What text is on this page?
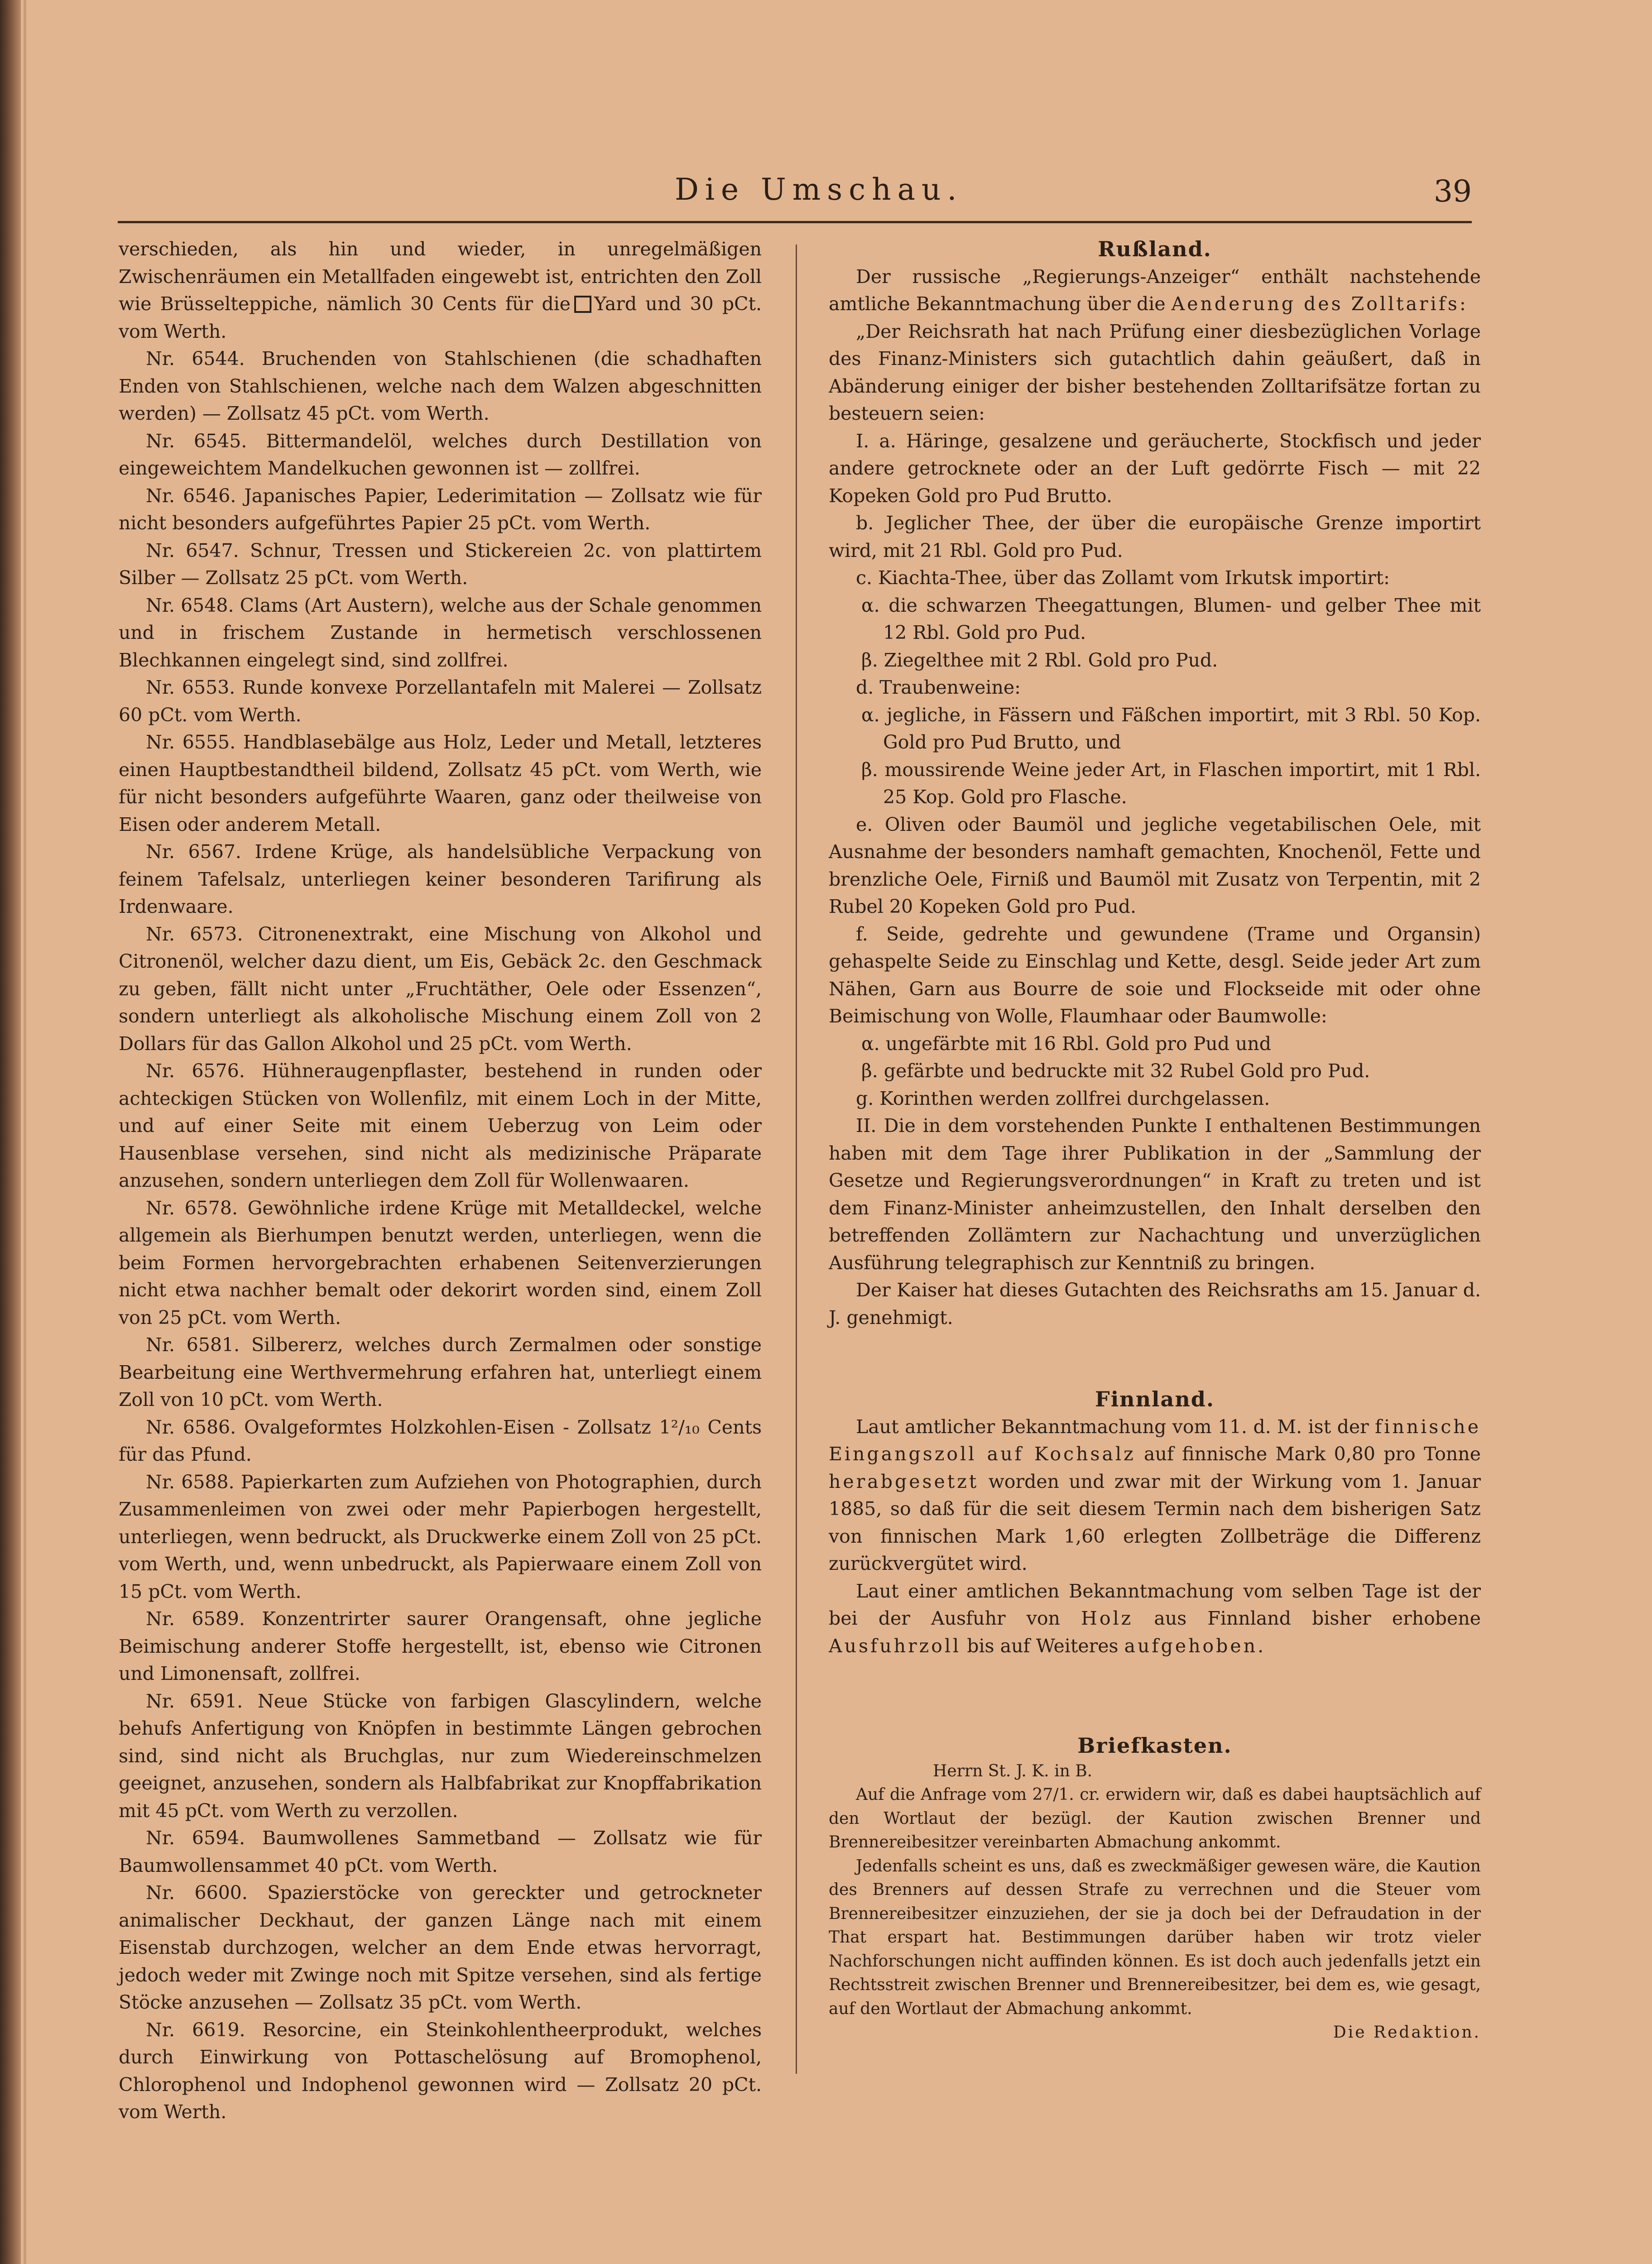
Die Umschau.	39

verschieden, als hin und wieder, in unregelmäßigen Zwischenräumen ein Metallfaden eingewebt ist, entrichten den Zoll wie Brüsselteppiche, nämlich 30 Cents für die Yard und 30 pCt. vom Werth.

Nr. 6544. Bruchenden von Stahlschienen (die schadhaften Enden von Stahlschienen, welche nach dem Walzen abgeschnitten werden) — Zollsatz 45 pCt. vom Werth.

Nr. 6545. Bittermandelöl, welches durch Destillation von eingeweichtem Mandelkuchen gewonnen ist — zollfrei.

Nr. 6546. Japanisches Papier, Lederimitation — Zollsatz wie für nicht besonders aufgeführtes Papier 25 pCt. vom Werth.

Nr. 6547. Schnur, Tressen und Stickereien 2c. von plattirtem Silber — Zollsatz 25 pCt. vom Werth.

Nr. 6548. Clams (Art Austern), welche aus der Schale genommen und in frischem Zustande in hermetisch verschlossenen Blechkannen eingelegt sind, sind zollfrei.

Nr. 6553. Runde konvexe Porzellantafeln mit Malerei — Zollsatz 60 pCt. vom Werth.

Nr. 6555. Handblasebälge aus Holz, Leder und Metall, letzteres einen Hauptbestandtheil bildend, Zollsatz 45 pCt. vom Werth, wie für nicht besonders aufgeführte Waaren, ganz oder theilweise von Eisen oder anderem Metall.

Nr. 6567. Irdene Krüge, als handelsübliche Verpackung von feinem Tafelsalz, unterliegen keiner besonderen Tarifirung als Irdenwaare.

Nr. 6573. Citronenextrakt, eine Mischung von Alkohol und Citronenöl, welcher dazu dient, um Eis, Gebäck 2c. den Geschmack zu geben, fällt nicht unter „Fruchtäther, Oele oder Essenzen“, sondern unterliegt als alkoholische Mischung einem Zoll von 2 Dollars für das Gallon Alkohol und 25 pCt. vom Werth.

Nr. 6576. Hühneraugenpflaster, bestehend in runden oder achteckigen Stücken von Wollenfilz, mit einem Loch in der Mitte, und auf einer Seite mit einem Ueberzug von Leim oder Hausenblase versehen, sind nicht als medizinische Präparate anzusehen, sondern unterliegen dem Zoll für Wollenwaaren.

Nr. 6578. Gewöhnliche irdene Krüge mit Metalldeckel, welche allgemein als Bierhumpen benutzt werden, unterliegen, wenn die beim Formen hervorgebrachten erhabenen Seitenverzierungen nicht etwa nachher bemalt oder dekorirt worden sind, einem Zoll von 25 pCt. vom Werth.

Nr. 6581. Silbererz, welches durch Zermalmen oder sonstige Bearbeitung eine Werthvermehrung erfahren hat, unterliegt einem Zoll von 10 pCt. vom Werth.

Nr. 6586. Ovalgeformtes Holzkohlen-Eisen - Zollsatz 1²/₁₀ Cents für das Pfund.

Nr. 6588. Papierkarten zum Aufziehen von Photographien, durch Zusammenleimen von zwei oder mehr Papierbogen hergestellt, unterliegen, wenn bedruckt, als Druckwerke einem Zoll von 25 pCt. vom Werth, und, wenn unbedruckt, als Papierwaare einem Zoll von 15 pCt. vom Werth.

Nr. 6589. Konzentrirter saurer Orangensaft, ohne jegliche Beimischung anderer Stoffe hergestellt, ist, ebenso wie Citronen und Limonensaft, zollfrei.

Nr. 6591. Neue Stücke von farbigen Glascylindern, welche behufs Anfertigung von Knöpfen in bestimmte Längen gebrochen sind, sind nicht als Bruchglas, nur zum Wiedereinschmelzen geeignet, anzusehen, sondern als Halbfabrikat zur Knopffabrikation mit 45 pCt. vom Werth zu verzollen.

Nr. 6594. Baumwollenes Sammetband — Zollsatz wie für Baumwollensammet 40 pCt. vom Werth.

Nr. 6600. Spazierstöcke von gereckter und getrockneter animalischer Deckhaut, der ganzen Länge nach mit einem Eisenstab durchzogen, welcher an dem Ende etwas hervorragt, jedoch weder mit Zwinge noch mit Spitze versehen, sind als fertige Stöcke anzusehen — Zollsatz 35 pCt. vom Werth.

Nr. 6619. Resorcine, ein Steinkohlentheerprodukt, welches durch Einwirkung von Pottaschelösung auf Bromophenol, Chlorophenol und Indophenol gewonnen wird — Zollsatz 20 pCt. vom Werth.

Rußland.

Der russische „Regierungs-Anzeiger“ enthält nachstehende amtliche Bekanntmachung über die Aenderung des Zolltarifs:

„Der Reichsrath hat nach Prüfung einer diesbezüglichen Vorlage des Finanz-Ministers sich gutachtlich dahin geäußert, daß in Abänderung einiger der bisher bestehenden Zolltarifsätze fortan zu besteuern seien:

I. a. Häringe, gesalzene und geräucherte, Stockfisch und jeder andere getrocknete oder an der Luft gedörrte Fisch — mit 22 Kopeken Gold pro Pud Brutto.

b. Jeglicher Thee, der über die europäische Grenze importirt wird, mit 21 Rbl. Gold pro Pud.

c. Kiachta-Thee, über das Zollamt vom Irkutsk importirt:

α. die schwarzen Theegattungen, Blumen- und gelber Thee mit 12 Rbl. Gold pro Pud.

β. Ziegelthee mit 2 Rbl. Gold pro Pud.

d. Traubenweine:

α. jegliche, in Fässern und Fäßchen importirt, mit 3 Rbl. 50 Kop. Gold pro Pud Brutto, und

β. moussirende Weine jeder Art, in Flaschen importirt, mit 1 Rbl. 25 Kop. Gold pro Flasche.

e. Oliven oder Baumöl und jegliche vegetabilischen Oele, mit Ausnahme der besonders namhaft gemachten, Knochenöl, Fette und brenzliche Oele, Firniß und Baumöl mit Zusatz von Terpentin, mit 2 Rubel 20 Kopeken Gold pro Pud.

f. Seide, gedrehte und gewundene (Trame und Organsin) gehaspelte Seide zu Einschlag und Kette, desgl. Seide jeder Art zum Nähen, Garn aus Bourre de soie und Flockseide mit oder ohne Beimischung von Wolle, Flaumhaar oder Baumwolle:

α. ungefärbte mit 16 Rbl. Gold pro Pud und

β. gefärbte und bedruckte mit 32 Rubel Gold pro Pud.

g. Korinthen werden zollfrei durchgelassen.

II. Die in dem vorstehenden Punkte I enthaltenen Bestimmungen haben mit dem Tage ihrer Publikation in der „Sammlung der Gesetze und Regierungsverordnungen“ in Kraft zu treten und ist dem Finanz-Minister anheimzustellen, den Inhalt derselben den betreffenden Zollämtern zur Nachachtung und unverzüglichen Ausführung telegraphisch zur Kenntniß zu bringen.

Der Kaiser hat dieses Gutachten des Reichsraths am 15. Januar d. J. genehmigt.

Finnland.

Laut amtlicher Bekanntmachung vom 11. d. M. ist der finnische Eingangszoll auf Kochsalz auf finnische Mark 0,80 pro Tonne herabgesetzt worden und zwar mit der Wirkung vom 1. Januar 1885, so daß für die seit diesem Termin nach dem bisherigen Satz von finnischen Mark 1,60 erlegten Zollbeträge die Differenz zurückvergütet wird.

Laut einer amtlichen Bekanntmachung vom selben Tage ist der bei der Ausfuhr von Holz aus Finnland bisher erhobene Ausfuhrzoll bis auf Weiteres aufgehoben.

Briefkasten.

Herrn St. J. K. in B.

Auf die Anfrage vom 27/1. cr. erwidern wir, daß es dabei hauptsächlich auf den Wortlaut der bezügl. der Kaution zwischen Brenner und Brennereibesitzer vereinbarten Abmachung ankommt.

Jedenfalls scheint es uns, daß es zweckmäßiger gewesen wäre, die Kaution des Brenners auf dessen Strafe zu verrechnen und die Steuer vom Brennereibesitzer einzuziehen, der sie ja doch bei der Defraudation in der That erspart hat. Bestimmungen darüber haben wir trotz vieler Nachforschungen nicht auffinden können. Es ist doch auch jedenfalls jetzt ein Rechtsstreit zwischen Brenner und Brennereibesitzer, bei dem es, wie gesagt, auf den Wortlaut der Abmachung ankommt.

Die Redaktion.
